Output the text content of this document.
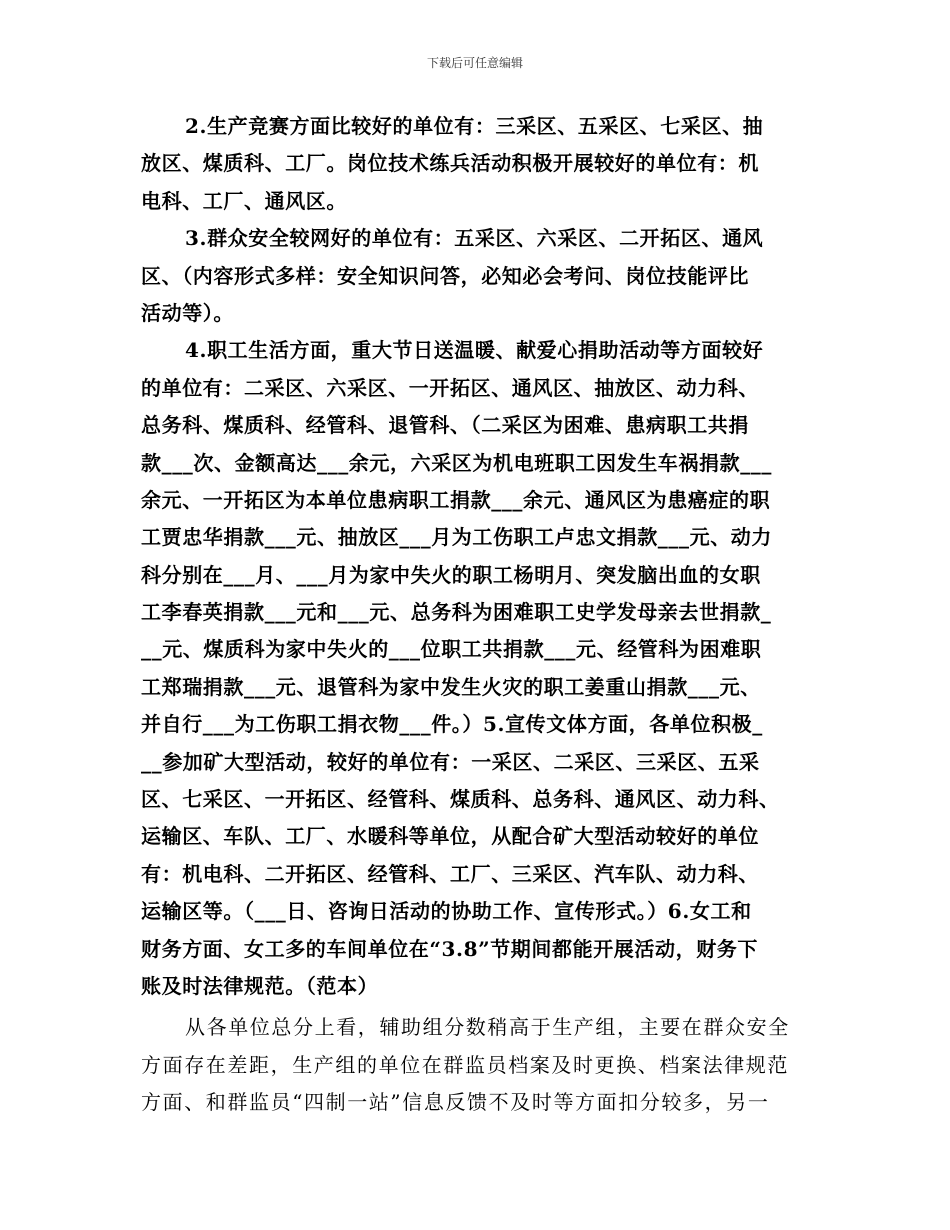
下载后可任意编辑
2.生产竞赛方面比较好的单位有：三采区、五采区、七采区、抽
放区、煤质科、工厂。岗位技术练兵活动积极开展较好的单位有：机
电科、工厂、通风区。
3.群众安全较网好的单位有：五采区、六采区、二开拓区、通风
区、（内容形式多样：安全知识问答，必知必会考问、岗位技能评比
活动等）。
4.职工生活方面，重大节日送温暖、献爱心捐助活动等方面较好
的单位有：二采区、六采区、一开拓区、通风区、抽放区、动力科、
总务科、煤质科、经管科、退管科、（二采区为困难、患病职工共捐
款___次、金额高达___余元，六采区为机电班职工因发生车祸捐款___
余元、一开拓区为本单位患病职工捐款___余元、通风区为患癌症的职
工贾忠华捐款___元、抽放区___月为工伤职工卢忠文捐款___元、动力
科分别在___月、___月为家中失火的职工杨明月、突发脑出血的女职
工李春英捐款___元和___元、总务科为困难职工史学发母亲去世捐款_
__元、煤质科为家中失火的___位职工共捐款___元、经管科为困难职
工郑瑞捐款___元、退管科为家中发生火灾的职工姜重山捐款___元、
并自行___为工伤职工捐衣物___件。）5.宣传文体方面，各单位积极_
__参加矿大型活动，较好的单位有：一采区、二采区、三采区、五采
区、七采区、一开拓区、经管科、煤质科、总务科、通风区、动力科、
运输区、车队、工厂、水暖科等单位，从配合矿大型活动较好的单位
有：机电科、二开拓区、经管科、工厂、三采区、汽车队、动力科、
运输区等。（___日、咨询日活动的协助工作、宣传形式。）6.女工和
财务方面、女工多的车间单位在“3.8”节期间都能开展活动，财务下
账及时法律规范。（范本）
从各单位总分上看，辅助组分数稍高于生产组，主要在群众安全
方面存在差距，生产组的单位在群监员档案及时更换、档案法律规范
方面、和群监员“四制一站”信息反馈不及时等方面扣分较多，另一
